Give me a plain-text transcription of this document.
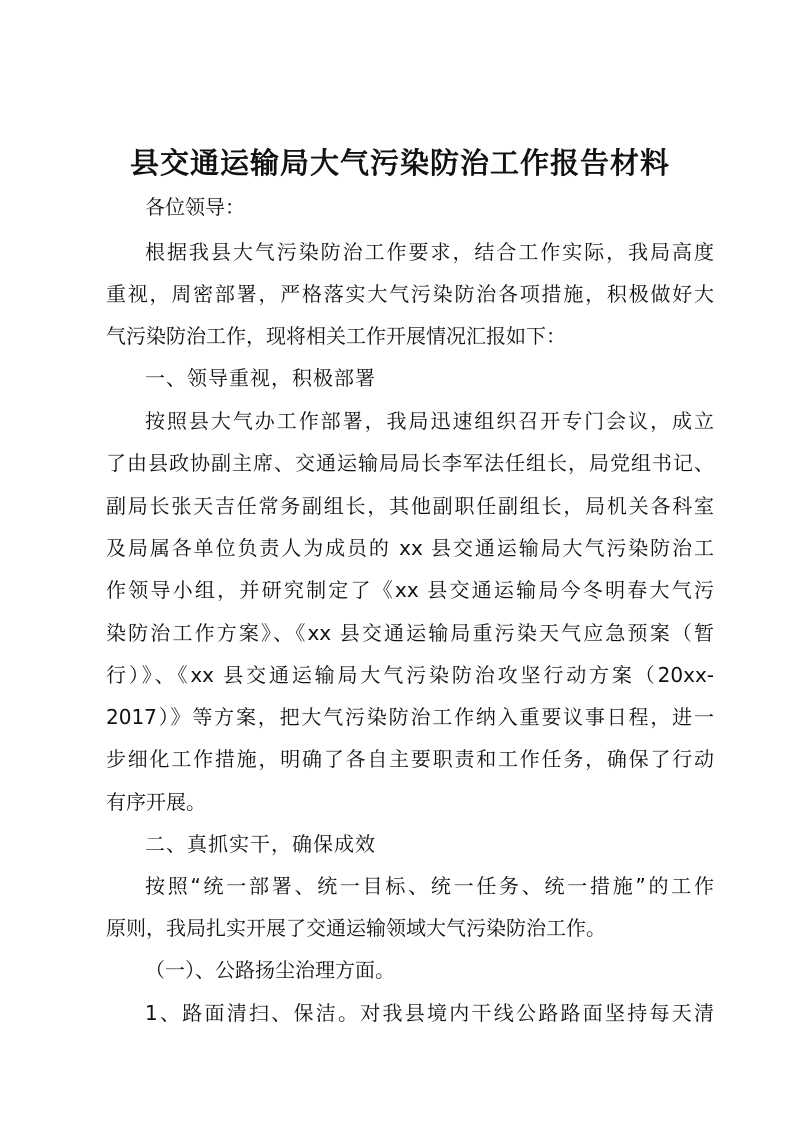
县交通运输局大气污染防治工作报告材料
各位领导：
根据我县大气污染防治工作要求，结合工作实际，我局高度
重视，周密部署，严格落实大气污染防治各项措施，积极做好大
气污染防治工作，现将相关工作开展情况汇报如下：
一、领导重视，积极部署
按照县大气办工作部署，我局迅速组织召开专门会议，成立
了由县政协副主席、交通运输局局长李军法任组长，局党组书记、
副局长张天吉任常务副组长，其他副职任副组长，局机关各科室
及局属各单位负责人为成员的 xx 县交通运输局大气污染防治工
作领导小组，并研究制定了《xx 县交通运输局今冬明春大气污
染防治工作方案》、《xx 县交通运输局重污染天气应急预案（暂
行）》、《xx 县交通运输局大气污染防治攻坚行动方案（20xx-
2017）》等方案，把大气污染防治工作纳入重要议事日程，进一
步细化工作措施，明确了各自主要职责和工作任务，确保了行动
有序开展。
二、真抓实干，确保成效
按照“统一部署、统一目标、统一任务、统一措施”的工作
原则，我局扎实开展了交通运输领域大气污染防治工作。
（一）、公路扬尘治理方面。
1、路面清扫、保洁。对我县境内干线公路路面坚持每天清
